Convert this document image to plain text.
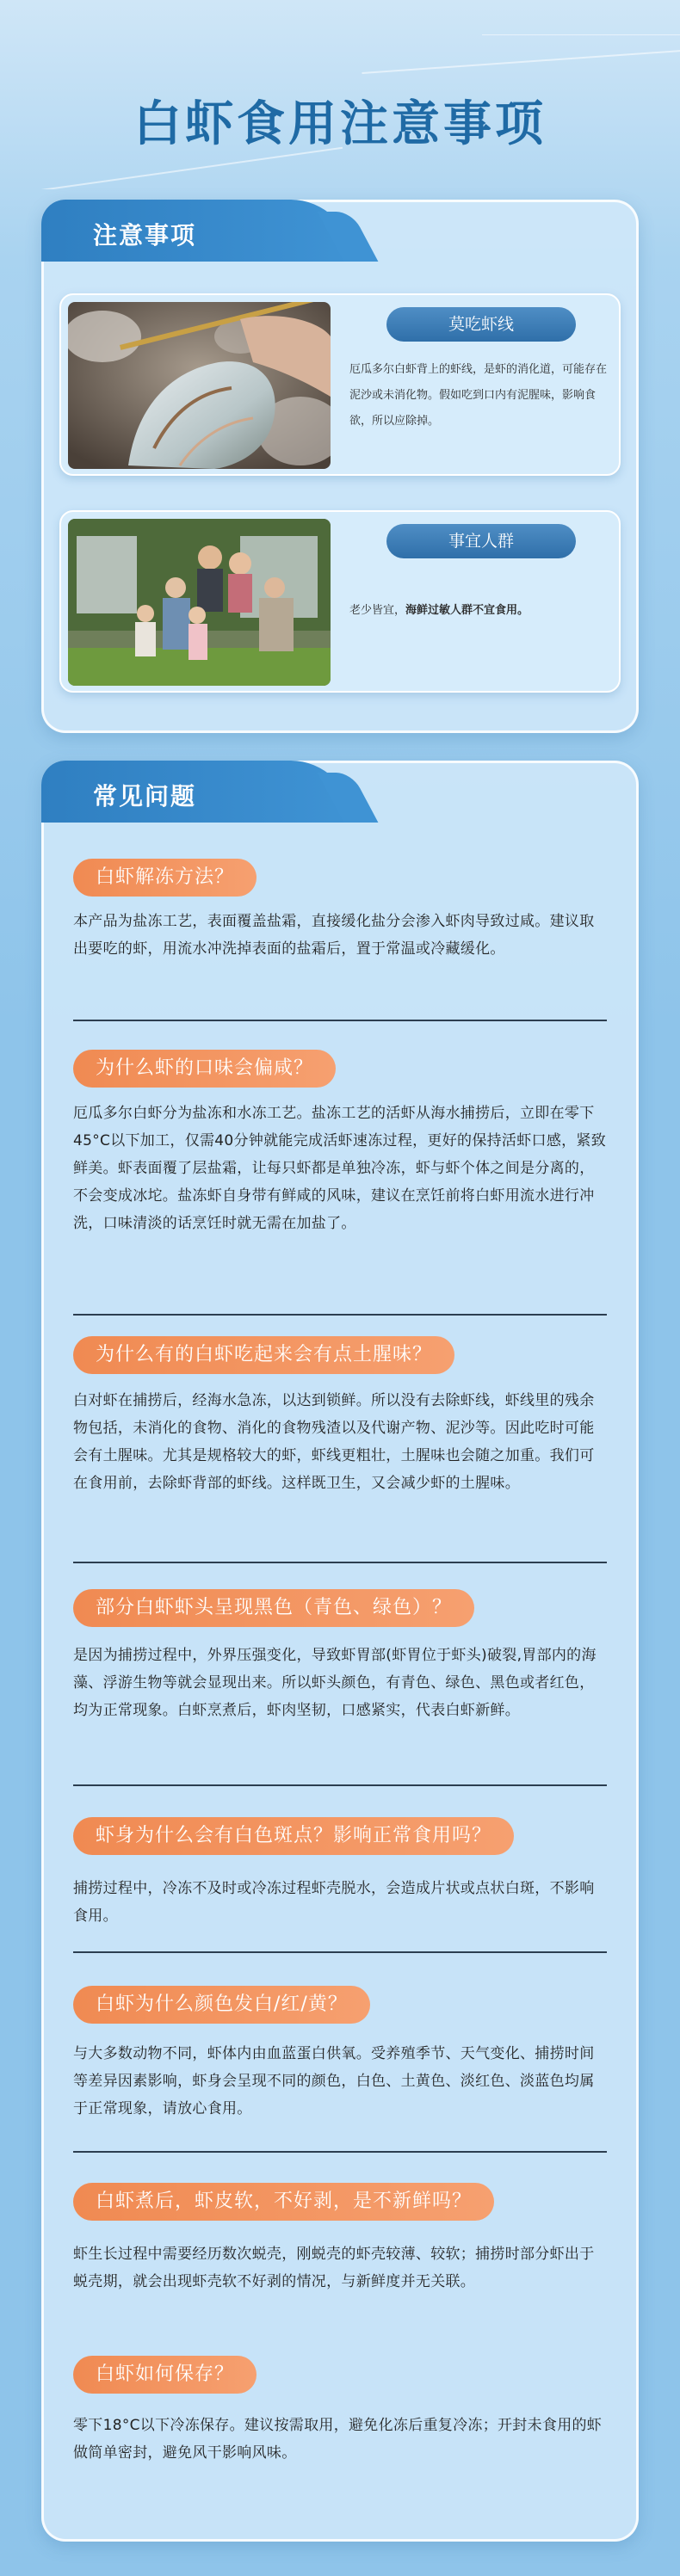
白虾食用注意事项
注意事项
莫吃虾线

厄瓜多尔白虾背上的虾线，是虾的消化道，可能存在泥沙或未消化物。假如吃到口内有泥腥味，影响食欲，所以应除掉。

事宜人群

老少皆宜，海鲜过敏人群不宜食用。

常见问题
白虾解冻方法？

本产品为盐冻工艺，表面覆盖盐霜，直接缓化盐分会渗入虾肉导致过咸。建议取出要吃的虾，用流水冲洗掉表面的盐霜后，置于常温或冷藏缓化。

为什么虾的口味会偏咸？

厄瓜多尔白虾分为盐冻和水冻工艺。盐冻工艺的活虾从海水捕捞后，立即在零下45°C以下加工，仅需40分钟就能完成活虾速冻过程，更好的保持活虾口感，紧致鲜美。虾表面覆了层盐霜，让每只虾都是单独冷冻，虾与虾个体之间是分离的，不会变成冰坨。盐冻虾自身带有鲜咸的风味，建议在烹饪前将白虾用流水进行冲洗，口味清淡的话烹饪时就无需在加盐了。

为什么有的白虾吃起来会有点土腥味？

白对虾在捕捞后，经海水急冻，以达到锁鲜。所以没有去除虾线，虾线里的残余物包括，未消化的食物、消化的食物残渣以及代谢产物、泥沙等。因此吃时可能会有土腥味。尤其是规格较大的虾，虾线更粗壮，土腥味也会随之加重。我们可在食用前，去除虾背部的虾线。这样既卫生，又会减少虾的土腥味。

部分白虾虾头呈现黑色（青色、绿色）？

是因为捕捞过程中，外界压强变化，导致虾胃部(虾胃位于虾头)破裂,胃部内的海藻、浮游生物等就会显现出来。所以虾头颜色，有青色、绿色、黑色或者红色，均为正常现象。白虾烹煮后，虾肉坚韧，口感紧实，代表白虾新鲜。

虾身为什么会有白色斑点？影响正常食用吗？

捕捞过程中，冷冻不及时或冷冻过程虾壳脱水，会造成片状或点状白斑，不影响食用。

白虾为什么颜色发白/红/黄？

与大多数动物不同，虾体内由血蓝蛋白供氧。受养殖季节、天气变化、捕捞时间等差异因素影响，虾身会呈现不同的颜色，白色、土黄色、淡红色、淡蓝色均属于正常现象，请放心食用。

白虾煮后，虾皮软，不好剥，是不新鲜吗？

虾生长过程中需要经历数次蜕壳，刚蜕壳的虾壳较薄、较软；捕捞时部分虾出于蜕壳期，就会出现虾壳软不好剥的情况，与新鲜度并无关联。

白虾如何保存？

零下18°C以下冷冻保存。建议按需取用，避免化冻后重复冷冻；开封未食用的虾做简单密封，避免风干影响风味。
